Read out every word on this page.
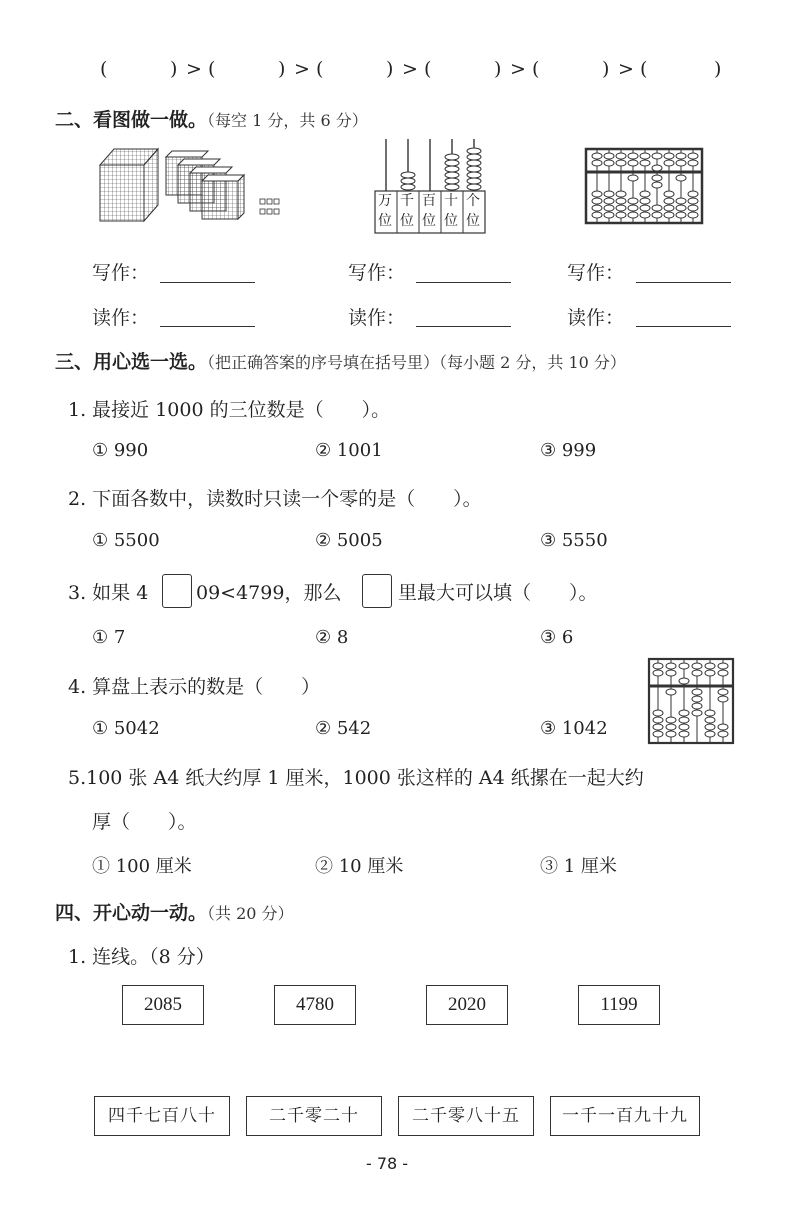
(	) > (	) > (	) > (	) > (	) > (	)
二、看图做一做。（每空 1 分，共 6 分）
万 千 百 十 个
位 位 位 位 位
写作：	写作：	写作：
读作：	读作：	读作：
三、用心选一选。（把正确答案的序号填在括号里）（每小题 2 分，共 10 分）
1. 最接近 1000 的三位数是（　　）。
① 990	② 1001	③ 999
2. 下面各数中，读数时只读一个零的是（　　）。
① 5500	② 5005	③ 5550
3. 如果 4	09<4799，那么	里最大可以填（　　）。
① 7	② 8	③ 6
4. 算盘上表示的数是（　　）
① 5042	② 542	③ 1042
5.100 张 A4 纸大约厚 1 厘米，1000 张这样的 A4 纸摞在一起大约
厚（　　）。
① 100 厘米	② 10 厘米	③ 1 厘米
四、开心动一动。（共 20 分）
1. 连线。（8 分）
2085	4780	2020	1199
四千七百八十	二千零二十	二千零八十五	一千一百九十九
- 78 -
